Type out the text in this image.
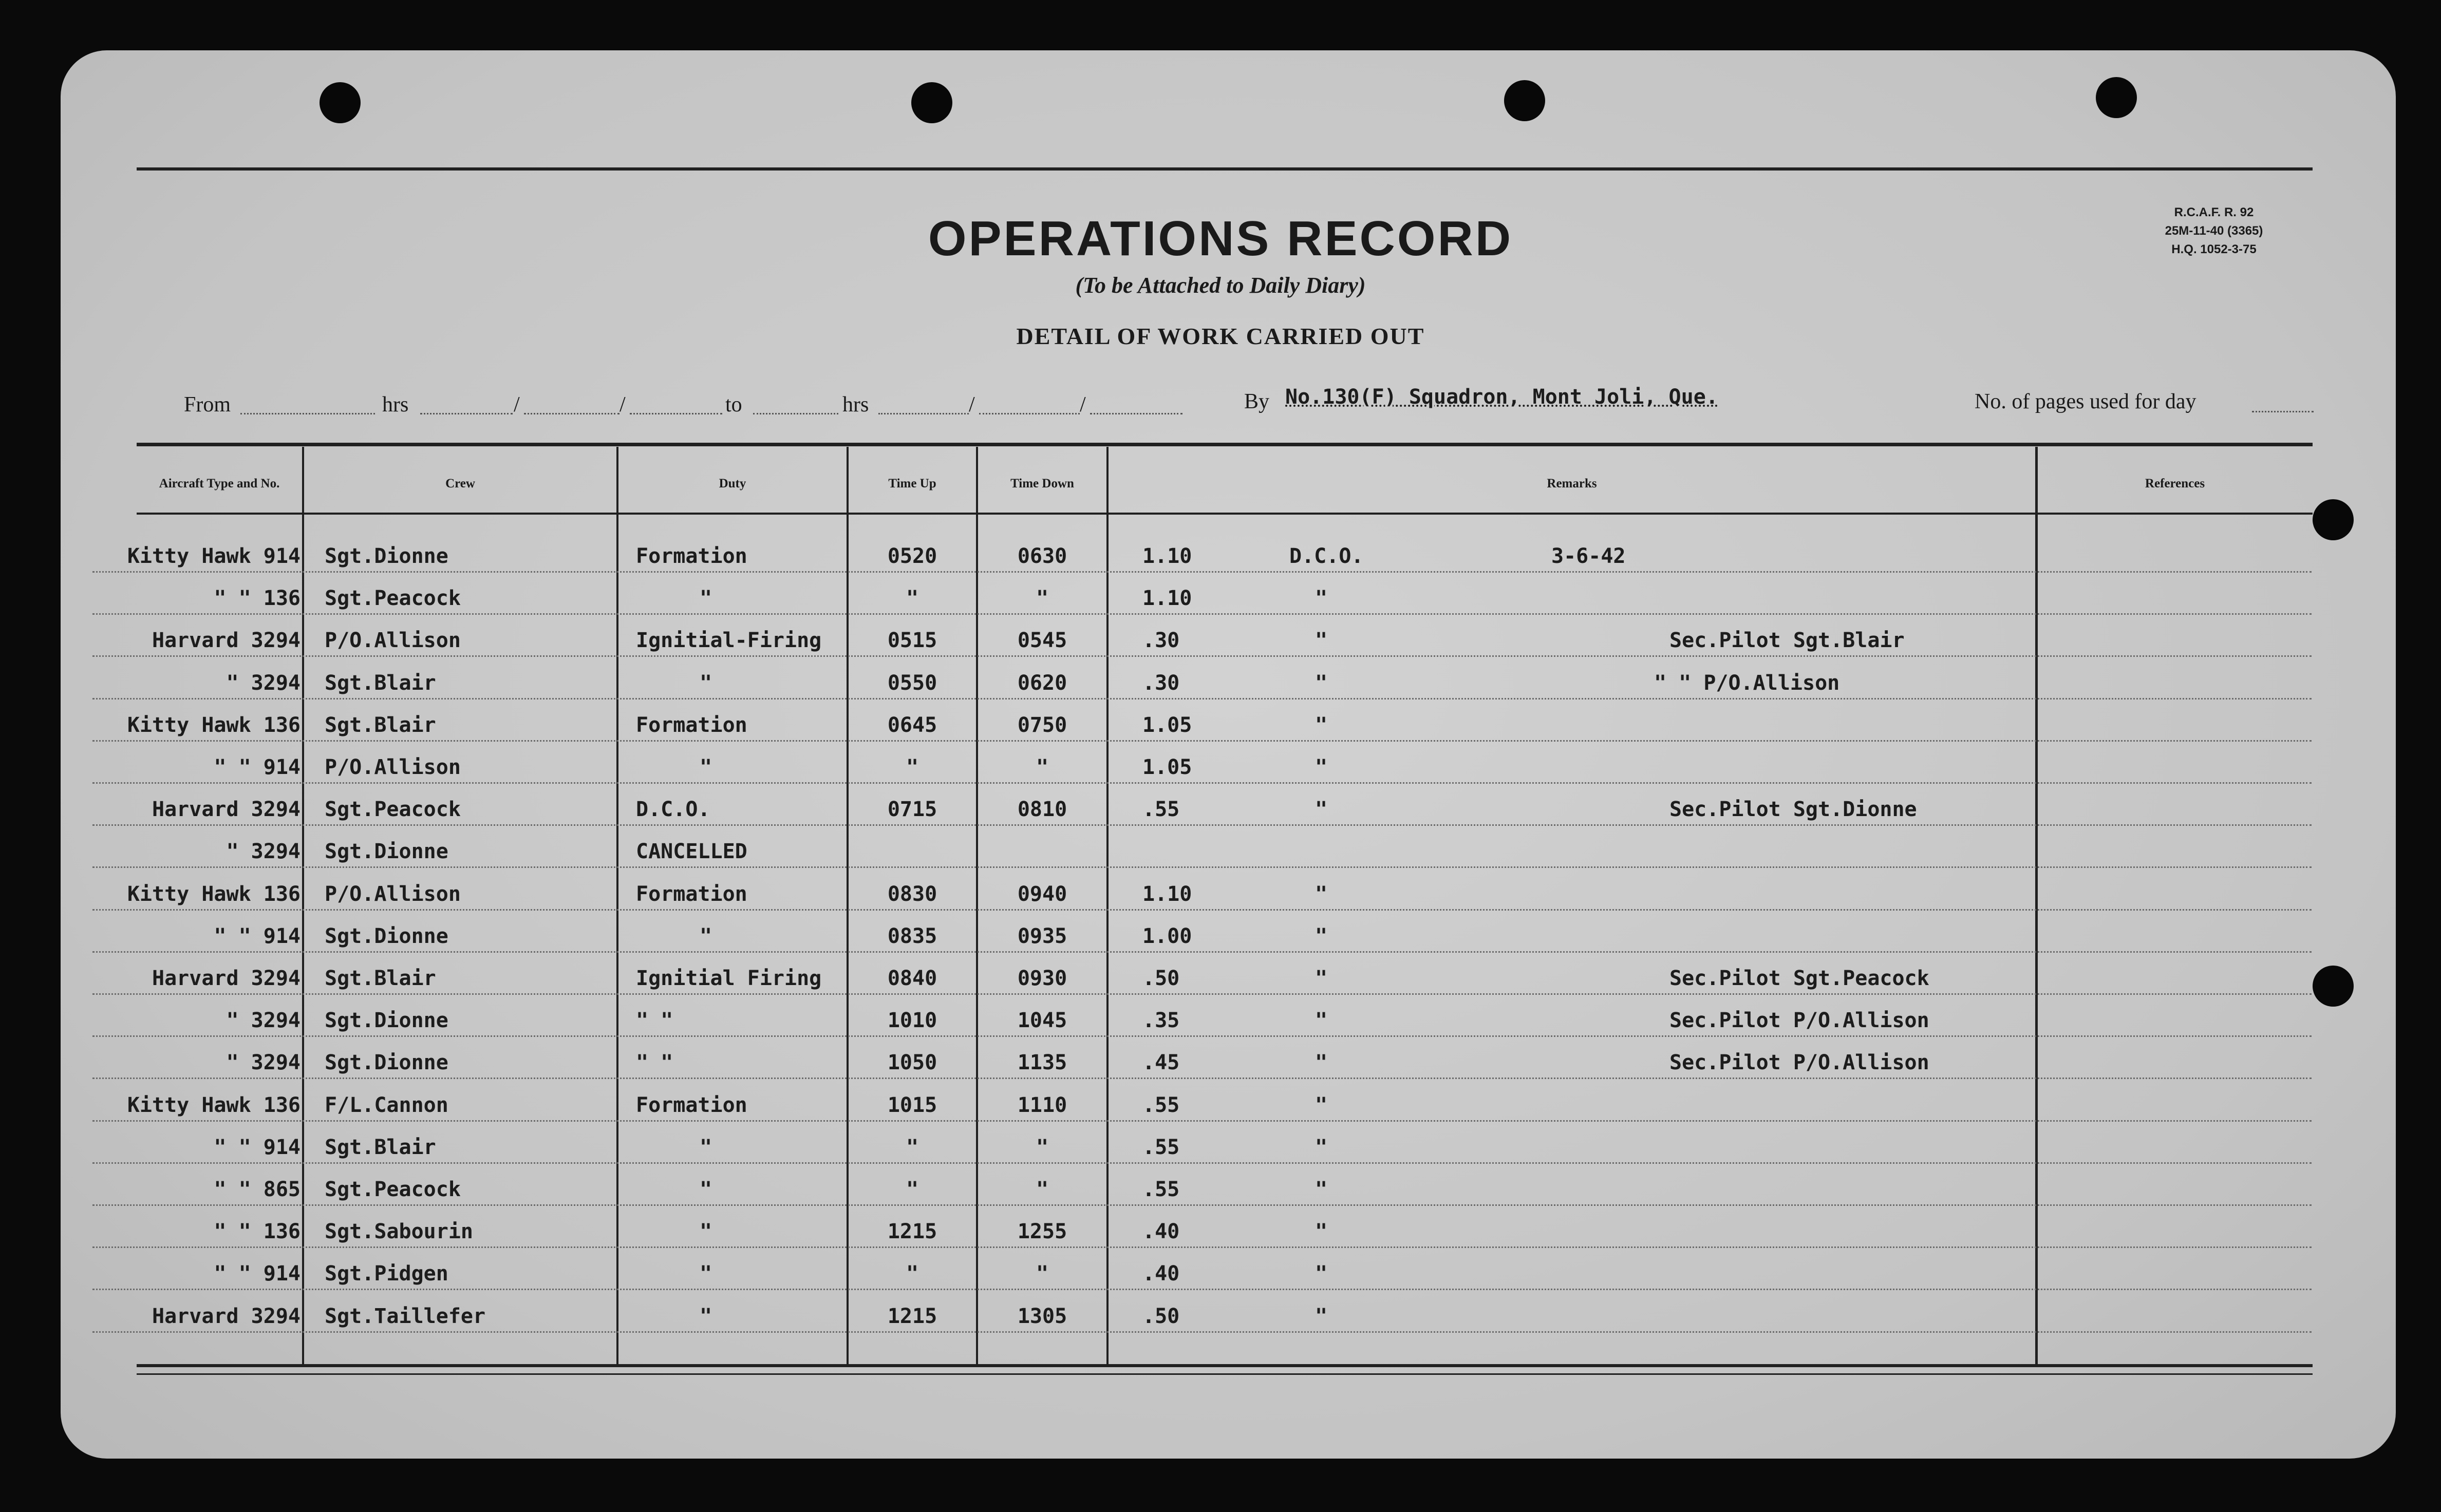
OPERATIONS RECORD
(To be Attached to Daily Diary)
DETAIL OF WORK CARRIED OUT
R.C.A.F. R. 92
25M-11-40 (3365)
H.Q. 1052-3-75
From	hrs	/	/	to	hrs	/	/	By No.130(F) Squadron, Mont Joli, Que.	No. of pages used for day
Aircraft Type and No.	Crew	Duty	Time Up	Time Down	Remarks	References
Kitty Hawk 914 Sgt.Dionne	Formation	0520	0630	1.10	D.C.O.	3-6-42
" " 136 Sgt.Peacock	"	"	"	1.10	"
Harvard 3294 P/O.Allison	Ignitial-Firing	0515	0545	.30	"	Sec.Pilot Sgt.Blair
" 3294 Sgt.Blair	"	0550	0620	.30	"	" " P/O.Allison
Kitty Hawk 136 Sgt.Blair	Formation	0645	0750	1.05	"
" " 914 P/O.Allison	"	"	"	1.05	"
Harvard 3294 Sgt.Peacock	D.C.O.	0715	0810	.55	"	Sec.Pilot Sgt.Dionne
" 3294 Sgt.Dionne	CANCELLED
Kitty Hawk 136 P/O.Allison	Formation	0830	0940	1.10	"
" " 914 Sgt.Dionne	"	0835	0935	1.00	"
Harvard 3294 Sgt.Blair	Ignitial Firing	0840	0930	.50	"	Sec.Pilot Sgt.Peacock
" 3294 Sgt.Dionne	" "	1010	1045	.35	"	Sec.Pilot P/O.Allison
" 3294 Sgt.Dionne	" "	1050	1135	.45	"	Sec.Pilot P/O.Allison
Kitty Hawk 136 F/L.Cannon	Formation	1015	1110	.55	"
" " 914 Sgt.Blair	"	"	"	.55	"
" " 865 Sgt.Peacock	"	"	"	.55	"
" " 136 Sgt.Sabourin	"	1215	1255	.40	"
" " 914 Sgt.Pidgen	"	"	"	.40	"
Harvard 3294 Sgt.Taillefer	"	1215	1305	.50	"
